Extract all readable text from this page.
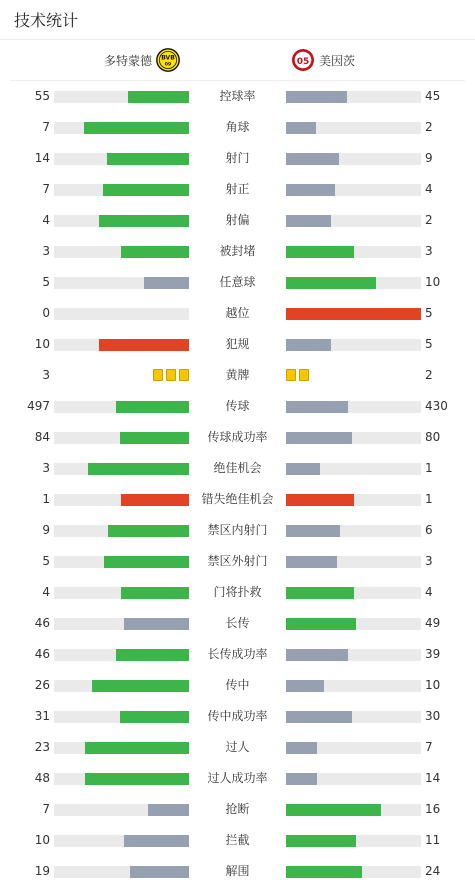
技术统计
多特蒙德 BVB
09	05 美因茨
55	控球率	45
7	角球	2
14	射门	9
7	射正	4
4	射偏	2
3	被封堵	3
5	任意球	10
0	越位	5
10	犯规	5
3	黄牌	2
497	传球	430
84	传球成功率	80
3	绝佳机会	1
1	错失绝佳机会	1
9	禁区内射门	6
5	禁区外射门	3
4	门将扑救	4
46	长传	49
46	长传成功率	39
26	传中	10
31	传中成功率	30
23	过人	7
48	过人成功率	14
7	抢断	16
10	拦截	11
19	解围	24
